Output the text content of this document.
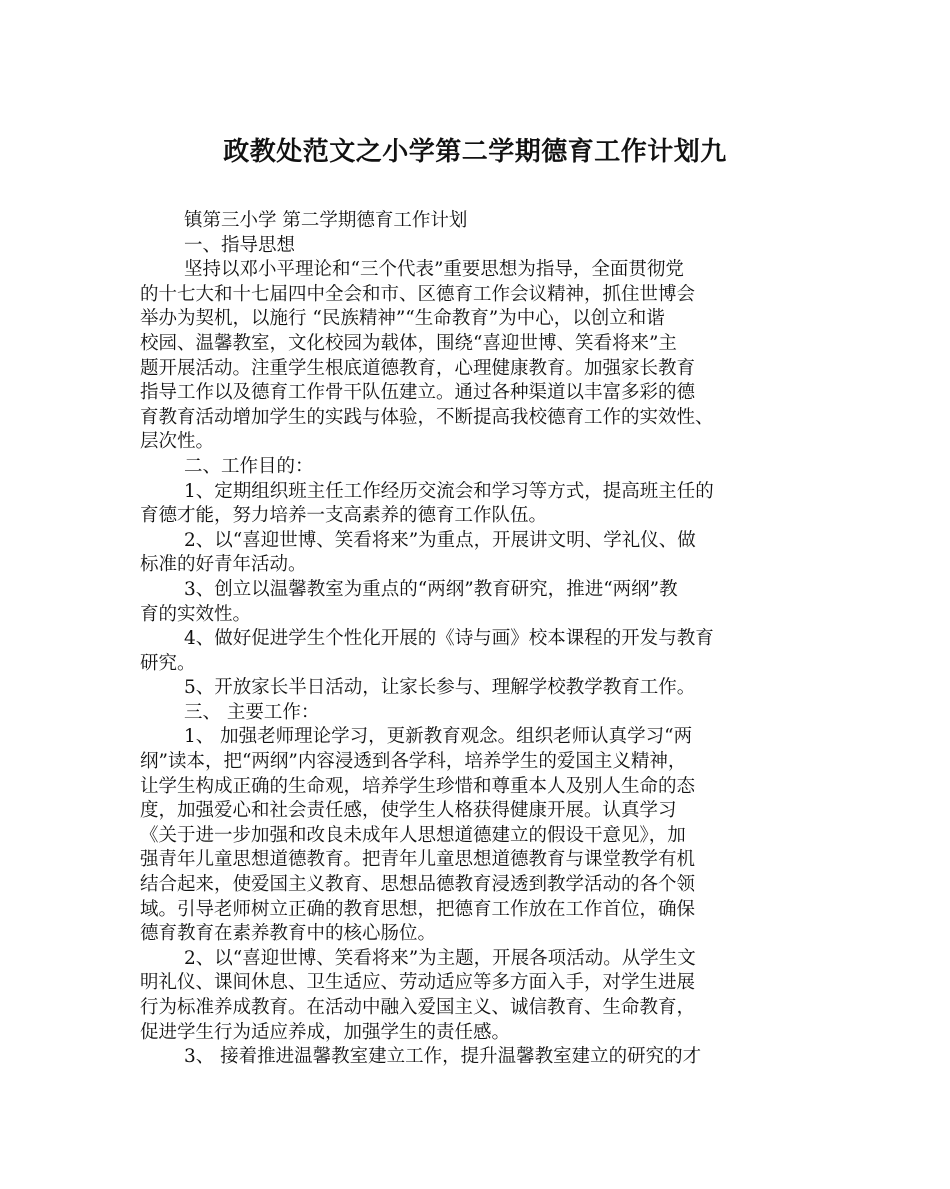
政教处范文之小学第二学期德育工作计划九
镇第三小学 第二学期德育工作计划
一、指导思想
坚持以邓小平理论和“三个代表”重要思想为指导，全面贯彻党
的十七大和十七届四中全会和市、区德育工作会议精神，抓住世博会
举办为契机，以施行 “民族精神”“生命教育”为中心，以创立和谐
校园、温馨教室，文化校园为载体，围绕“喜迎世博、笑看将来”主
题开展活动。注重学生根底道德教育，心理健康教育。加强家长教育
指导工作以及德育工作骨干队伍建立。通过各种渠道以丰富多彩的德
育教育活动增加学生的实践与体验，不断提高我校德育工作的实效性、
层次性。
二、工作目的：
1、定期组织班主任工作经历交流会和学习等方式，提高班主任的
育德才能，努力培养一支高素养的德育工作队伍。
2、以“喜迎世博、笑看将来”为重点，开展讲文明、学礼仪、做
标准的好青年活动。
3、创立以温馨教室为重点的“两纲”教育研究，推进“两纲”教
育的实效性。
4、做好促进学生个性化开展的《诗与画》校本课程的开发与教育
研究。
5、开放家长半日活动，让家长参与、理解学校教学教育工作。
三、 主要工作：
1、 加强老师理论学习，更新教育观念。组织老师认真学习“两
纲”读本，把“两纲”内容浸透到各学科，培养学生的爱国主义精神，
让学生构成正确的生命观，培养学生珍惜和尊重本人及别人生命的态
度，加强爱心和社会责任感，使学生人格获得健康开展。认真学习
《关于进一步加强和改良未成年人思想道德建立的假设干意见》，加
强青年儿童思想道德教育。把青年儿童思想道德教育与课堂教学有机
结合起来，使爱国主义教育、思想品德教育浸透到教学活动的各个领
域。引导老师树立正确的教育思想，把德育工作放在工作首位，确保
德育教育在素养教育中的核心肠位。
2、以“喜迎世博、笑看将来”为主题，开展各项活动。从学生文
明礼仪、课间休息、卫生适应、劳动适应等多方面入手，对学生进展
行为标准养成教育。在活动中融入爱国主义、诚信教育、生命教育，
促进学生行为适应养成，加强学生的责任感。
3、 接着推进温馨教室建立工作，提升温馨教室建立的研究的才
